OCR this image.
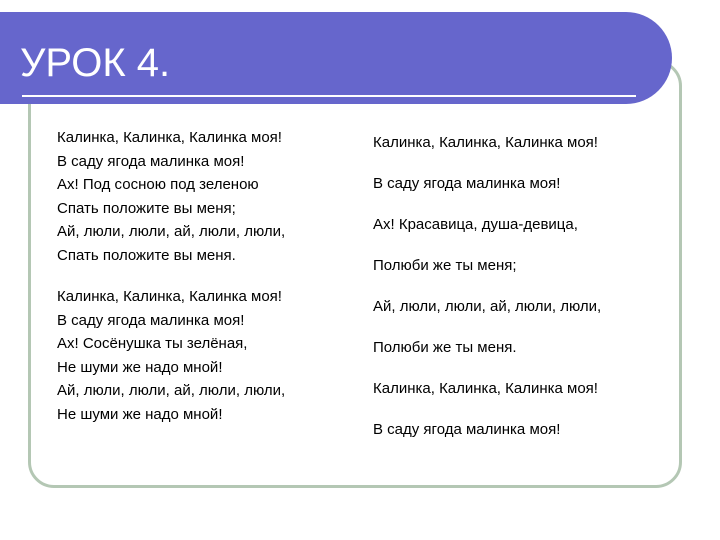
УРОК 4.
Калинка, Калинка, Калинка моя!
В саду ягода малинка моя!
Ах! Под сосною под зеленою
Спать положите вы меня;
Ай, люли, люли, ай, люли, люли,
Спать положите вы меня.
Калинка, Калинка, Калинка моя!
В саду ягода малинка моя!
Ах! Сосёнушка ты зелёная,
Не шуми же надо мной!
Ай, люли, люли, ай, люли, люли,
Не шуми же надо мной!
Калинка, Калинка, Калинка моя!
В саду ягода малинка моя!
Ах! Красавица, душа-девица,
Полюби же ты меня;
Ай, люли, люли, ай, люли, люли,
Полюби же ты меня.
Калинка, Калинка, Калинка моя!
В саду ягода малинка моя!
